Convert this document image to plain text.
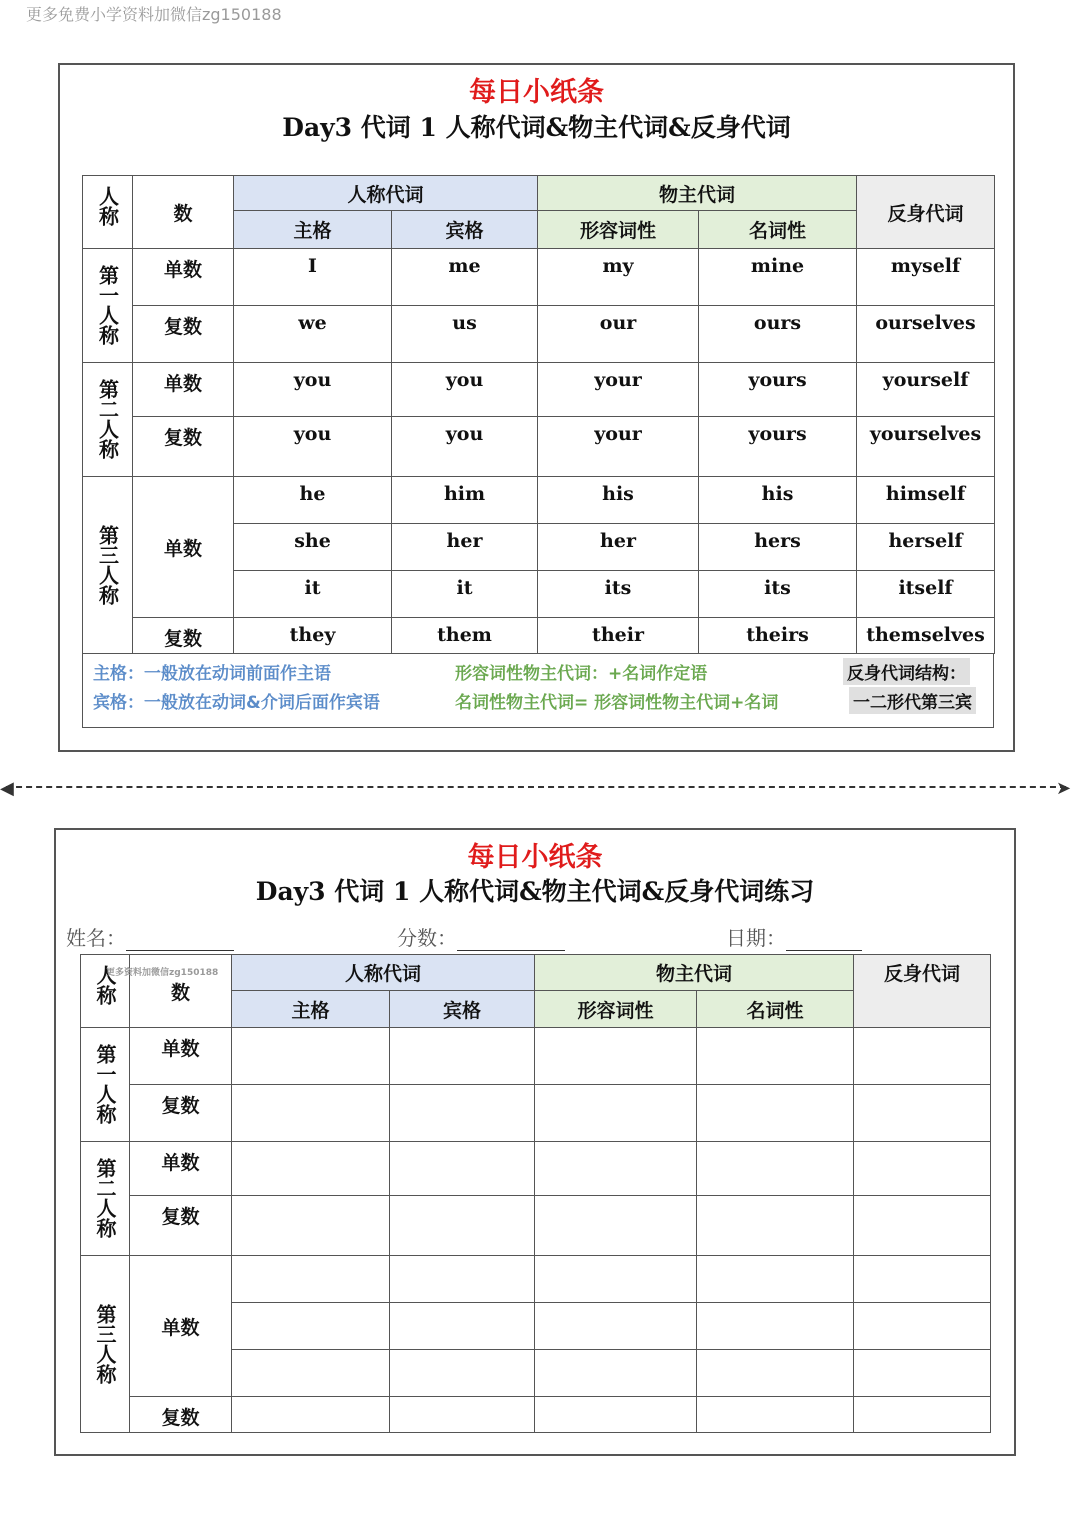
更多免费小学资料加微信zg150188
每日小纸条
Day3 代词 1 人称代词&物主代词&反身代词
人称	数	人称代词		物主代词		反身代词
		主格	宾格	形容词性	名词性	

第一人称	单数	I	me	my	mine	myself
	复数	we	us	our	ours	ourselves

第二人称	单数	you	you	your	yours	yourself
	复数	you	you	your	yours	yourselves

第三人称	单数	he	him	his	his	himself
		she	her	her	hers	herself
		it	it	its	its	itself
	复数	they	them	their	theirs	themselves
主格：一般放在动词前面作主语
宾格：一般放在动词&介词后面作宾语
形容词性物主代词：+名词作定语
名词性物主代词= 形容词性物主代词+名词
反身代词结构：
一二形代第三宾
◀	➤
每日小纸条
Day3 代词 1 人称代词&物主代词&反身代词练习
姓名：	分数：	日期：
人称	更多资料加微信zg150188
数	人称代词		物主代词		反身代词
		主格	宾格	形容词性	名词性	

第一人称	单数					
	复数					

第二人称	单数					
	复数					

第三人称	单数					

	复数					
